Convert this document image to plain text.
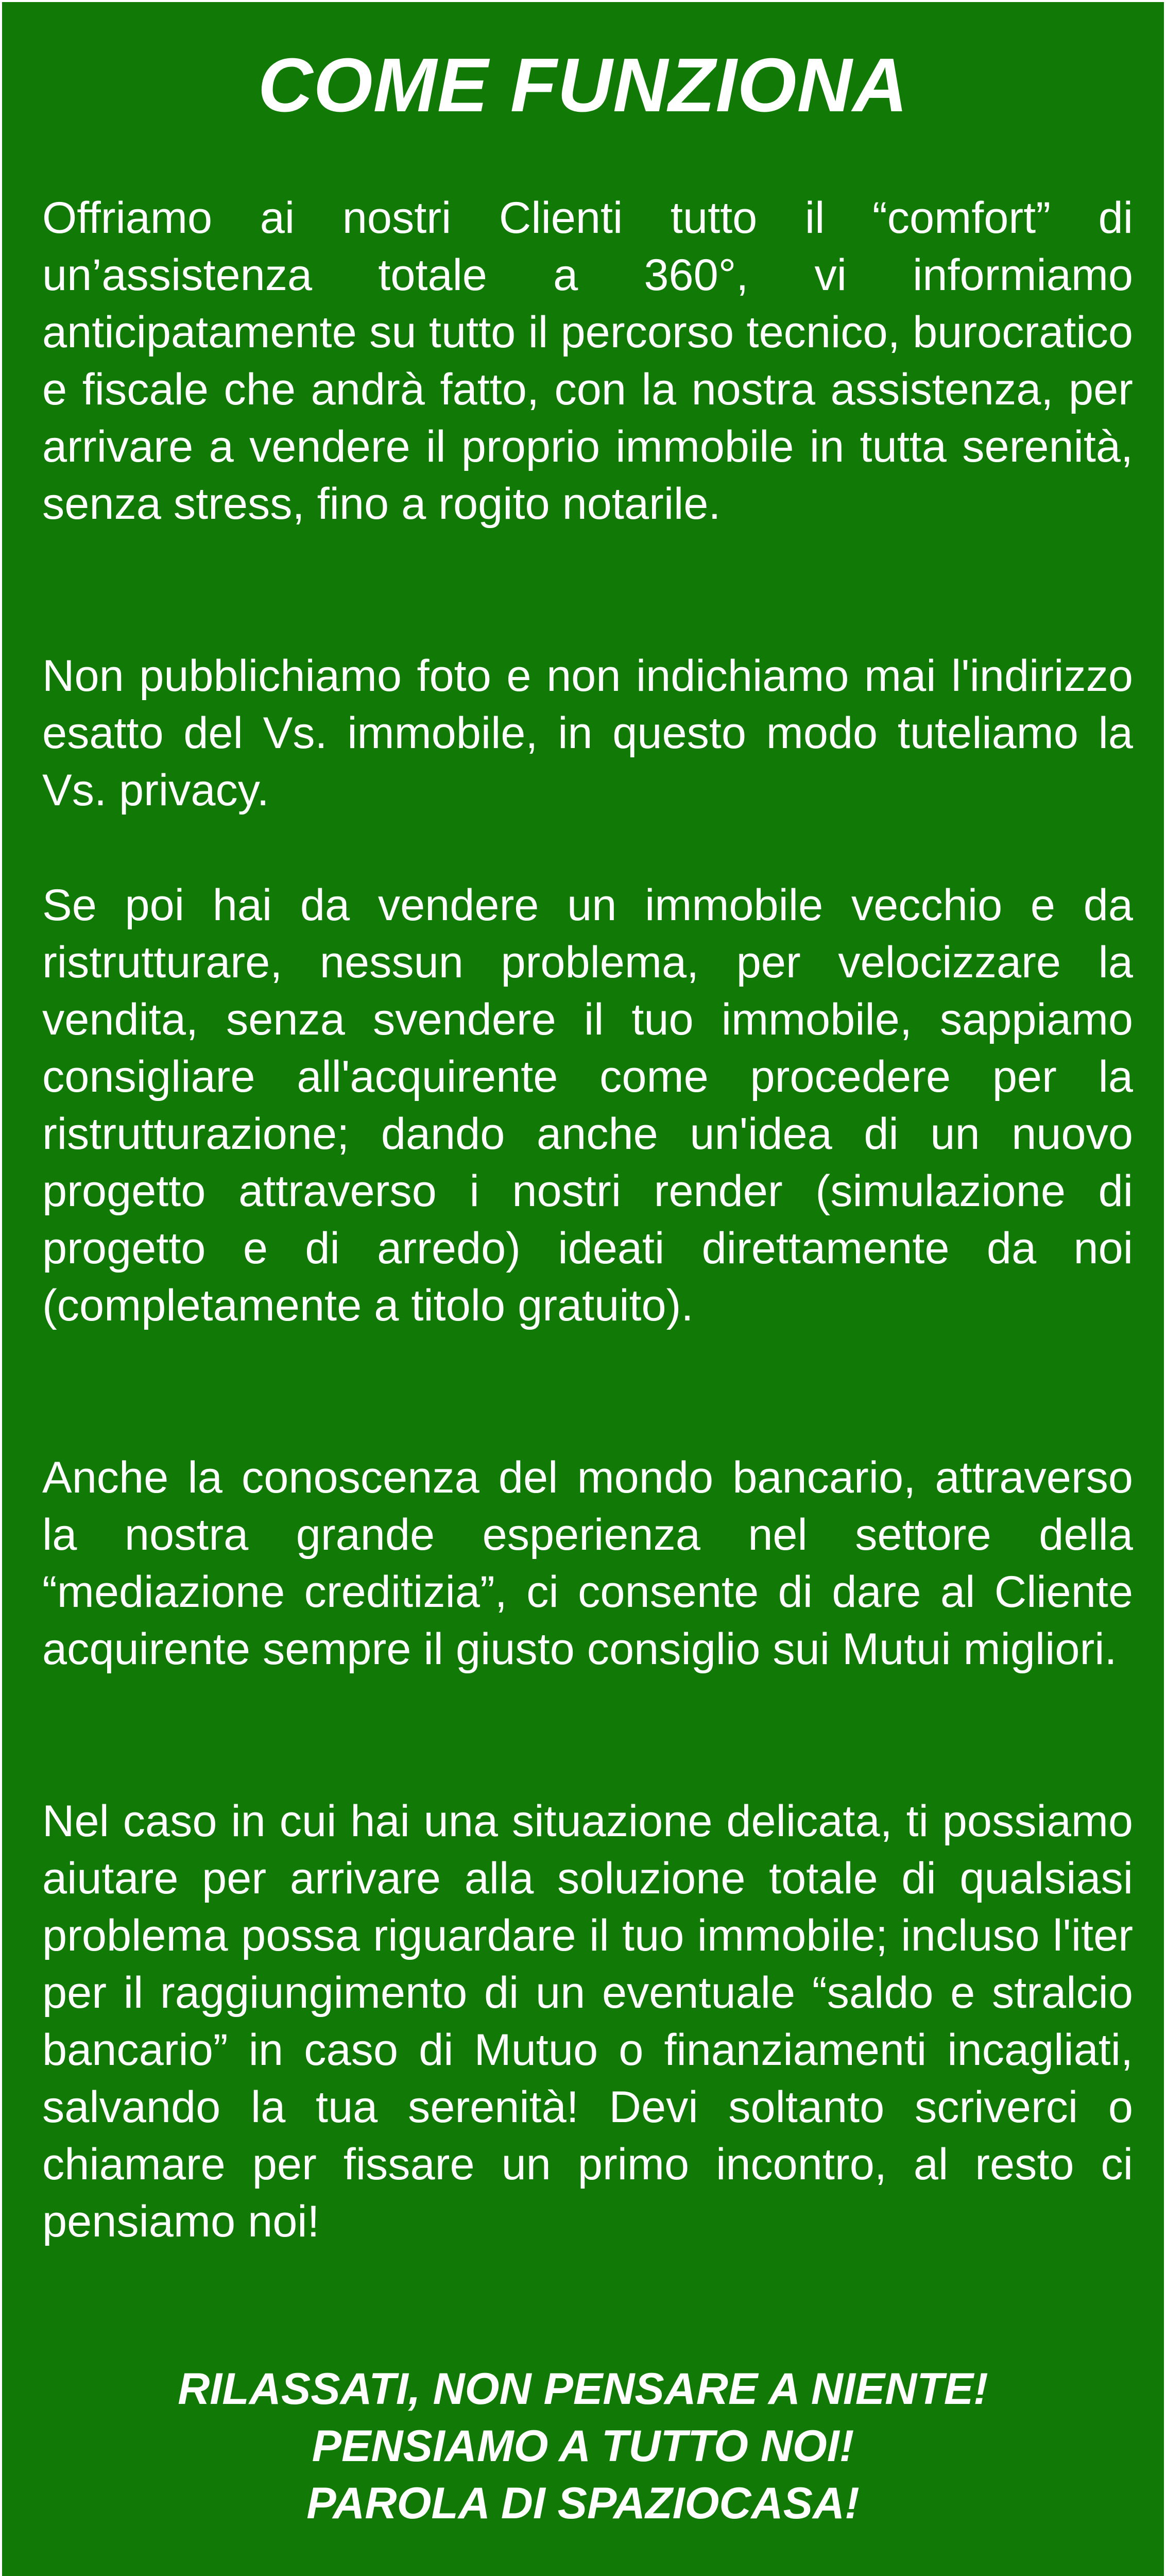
COME FUNZIONA

Offriamo ai nostri Clienti tutto il “comfort” di un’assistenza totale a 360°, vi informiamo anticipatamente su tutto il percorso tecnico, burocratico e fiscale che andrà fatto, con la nostra assistenza, per arrivare a vendere il proprio immobile in tutta serenità, senza stress, fino a rogito notarile.

Non pubblichiamo foto e non indichiamo mai l'indirizzo esatto del Vs. immobile, in questo modo tuteliamo la Vs. privacy.

Se poi hai da vendere un immobile vecchio e da ristrutturare, nessun problema, per velocizzare la vendita, senza svendere il tuo immobile, sappiamo consigliare all'acquirente come procedere per la ristrutturazione; dando anche un'idea di un nuovo progetto attraverso i nostri render (simulazione di progetto e di arredo) ideati direttamente da noi (completamente a titolo gratuito).

Anche la conoscenza del mondo bancario, attraverso la nostra grande esperienza nel settore della “mediazione creditizia”, ci consente di dare al Cliente acquirente sempre il giusto consiglio sui Mutui migliori.

Nel caso in cui hai una situazione delicata, ti possiamo aiutare per arrivare alla soluzione totale di qualsiasi problema possa riguardare il tuo immobile; incluso l'iter per il raggiungimento di un eventuale “saldo e stralcio bancario” in caso di Mutuo o finanziamenti incagliati, salvando la tua serenità! Devi soltanto scriverci o chiamare per fissare un primo incontro, al resto ci pensiamo noi!

RILASSATI, NON PENSARE A NIENTE!
PENSIAMO A TUTTO NOI!
PAROLA DI SPAZIOCASA!
